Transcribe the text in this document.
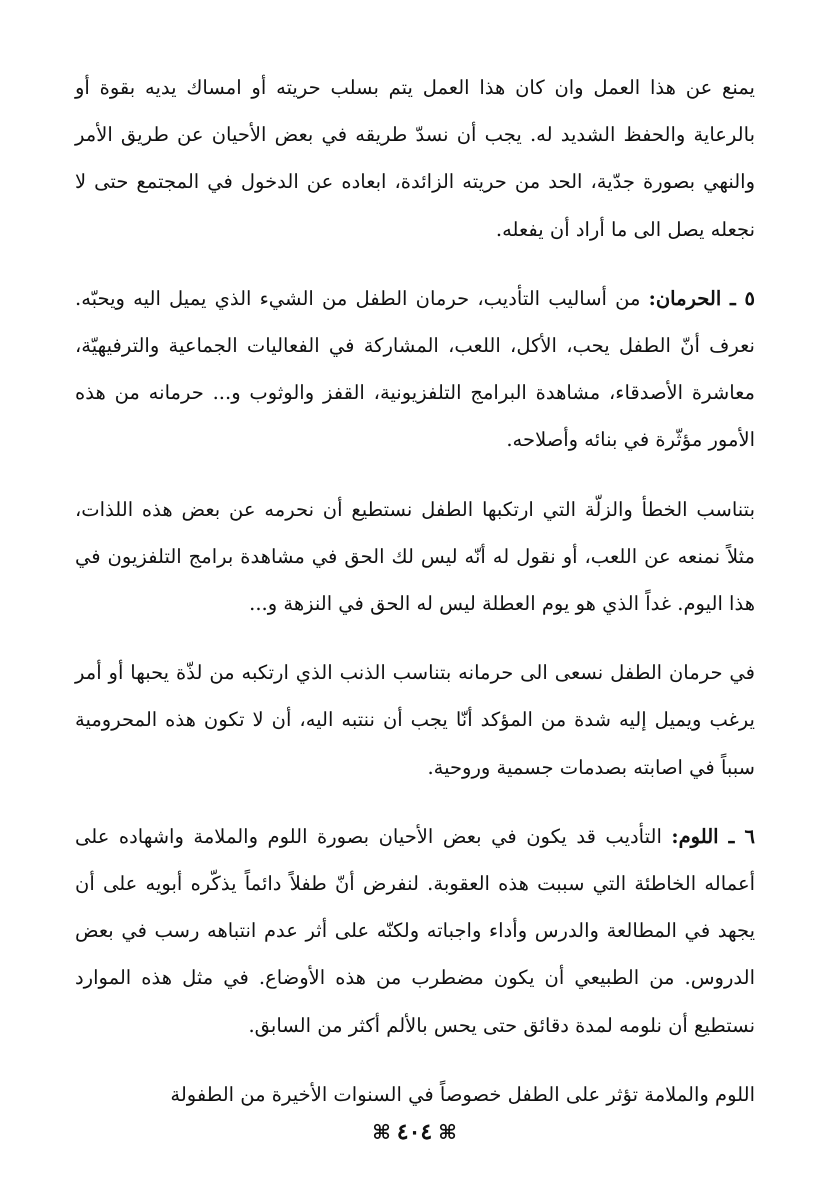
يمنع عن هذا العمل وان كان هذا العمل يتم بسلب حريته أو امساك يديه بقوة أو بالرعاية والحفظ الشديد له. يجب أن نسدّ طريقه في بعض الأحيان عن طريق الأمر والنهي بصورة جدّية، الحد من حريته الزائدة، ابعاده عن الدخول في المجتمع حتى لا نجعله يصل الى ما أراد أن يفعله.

٥ ـ الحرمان: من أساليب التأديب، حرمان الطفل من الشيء الذي يميل اليه ويحبّه. نعرف أنّ الطفل يحب، الأكل، اللعب، المشاركة في الفعاليات الجماعية والترفيهيّة، معاشرة الأصدقاء، مشاهدة البرامج التلفزيونية، القفز والوثوب و... حرمانه من هذه الأمور مؤثّرة في بنائه وأصلاحه.

بتناسب الخطأ والزلّة التي ارتكبها الطفل نستطيع أن نحرمه عن بعض هذه اللذات، مثلاً نمنعه عن اللعب، أو نقول له أنّه ليس لك الحق في مشاهدة برامج التلفزيون في هذا اليوم. غداً الذي هو يوم العطلة ليس له الحق في النزهة و...

في حرمان الطفل نسعى الى حرمانه بتناسب الذنب الذي ارتكبه من لذّة يحبها أو أمر يرغب ويميل إليه شدة من المؤكد أنّا يجب أن ننتبه اليه، أن لا تكون هذه المحرومية سبباً في اصابته بصدمات جسمية وروحية.

٦ ـ اللوم: التأديب قد يكون في بعض الأحيان بصورة اللوم والملامة واشهاده على أعماله الخاطئة التي سببت هذه العقوبة. لنفرض أنّ طفلاً دائماً يذكّره أبويه على أن يجهد في المطالعة والدرس وأداء واجباته ولكنّه على أثر عدم انتباهه رسب في بعض الدروس. من الطبيعي أن يكون مضطرب من هذه الأوضاع. في مثل هذه الموارد نستطيع أن نلومه لمدة دقائق حتى يحس بالألم أكثر من السابق.

اللوم والملامة تؤثر على الطفل خصوصاً في السنوات الأخيرة من الطفولة

⌘٤٠٤⌘
